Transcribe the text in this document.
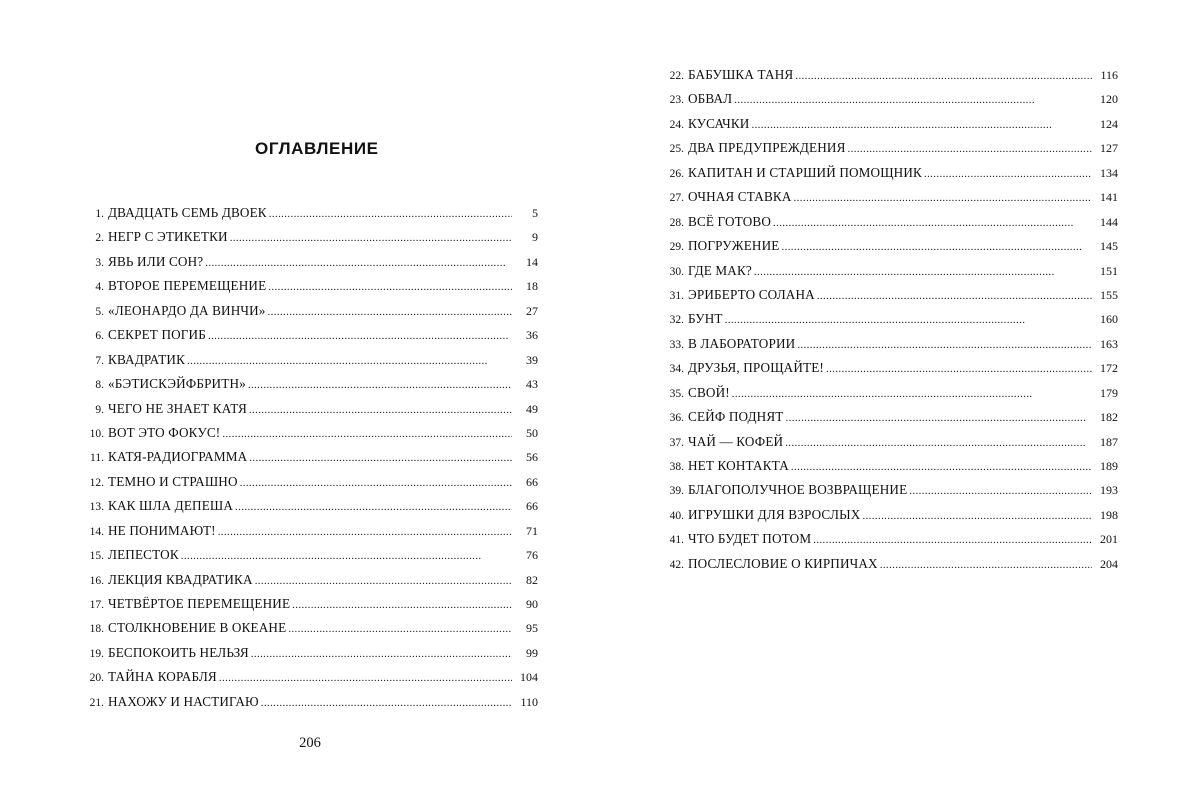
ОГЛАВЛЕНИЕ
1. ДВАДЦАТЬ СЕМЬ ДВОЕК . . .	5
2. НЕГР С ЭТИКЕТКИ . . .	9
3. ЯВЬ ИЛИ СОН? . . .	14
4. ВТОРОЕ ПЕРЕМЕЩЕНИЕ . . .	18
5. «ЛЕОНАРДО ДА ВИНЧИ» . . .	27
6. СЕКРЕТ ПОГИБ . . .	36
7. КВАДРАТИК . . .	39
8. «БЭТИСКЭЙФБРИТН» . . .	43
9. ЧЕГО НЕ ЗНАЕТ КАТЯ . . .	49
10. ВОТ ЭТО ФОКУС! . . .	50
11. КАТЯ-РАДИОГРАММА . . .	56
12. ТЕМНО И СТРАШНО . . .	66
13. КАК ШЛА ДЕПЕША . . .	66
14. НЕ ПОНИМАЮТ! . . .	71
15. ЛЕПЕСТОК . . .	76
16. ЛЕКЦИЯ КВАДРАТИКА . . .	82
17. ЧЕТВЁРТОЕ ПЕРЕМЕЩЕНИЕ . . .	90
18. СТОЛКНОВЕНИЕ В ОКЕАНЕ . . .	95
19. БЕСПОКОИТЬ НЕЛЬЗЯ . . .	99
20. ТАЙНА КОРАБЛЯ . . .	104
21. НАХОЖУ И НАСТИГАЮ . . .	110
206
22. БАБУШКА ТАНЯ . . .	116
23. ОБВАЛ . . .	120
24. КУСАЧКИ . . .	124
25. ДВА ПРЕДУПРЕЖДЕНИЯ . . .	127
26. КАПИТАН И СТАРШИЙ ПОМОЩНИК . . .	134
27. ОЧНАЯ СТАВКА . . .	141
28. ВСЁ ГОТОВО . . .	144
29. ПОГРУЖЕНИЕ . . .	145
30. ГДЕ МАК? . . .	151
31. ЭРИБЕРТО СОЛАНА . . .	155
32. БУНТ . . .	160
33. В ЛАБОРАТОРИИ . . .	163
34. ДРУЗЬЯ, ПРОЩАЙТЕ! . . .	172
35. СВОЙ! . . .	179
36. СЕЙФ ПОДНЯТ . . .	182
37. ЧАЙ — КОФЕЙ . . .	187
38. НЕТ КОНТАКТА . . .	189
39. БЛАГОПОЛУЧНОЕ ВОЗВРАЩЕНИЕ . . .	193
40. ИГРУШКИ ДЛЯ ВЗРОСЛЫХ . . .	198
41. ЧТО БУДЕТ ПОТОМ . . .	201
42. ПОСЛЕСЛОВИЕ О КИРПИЧАХ . . .	204
